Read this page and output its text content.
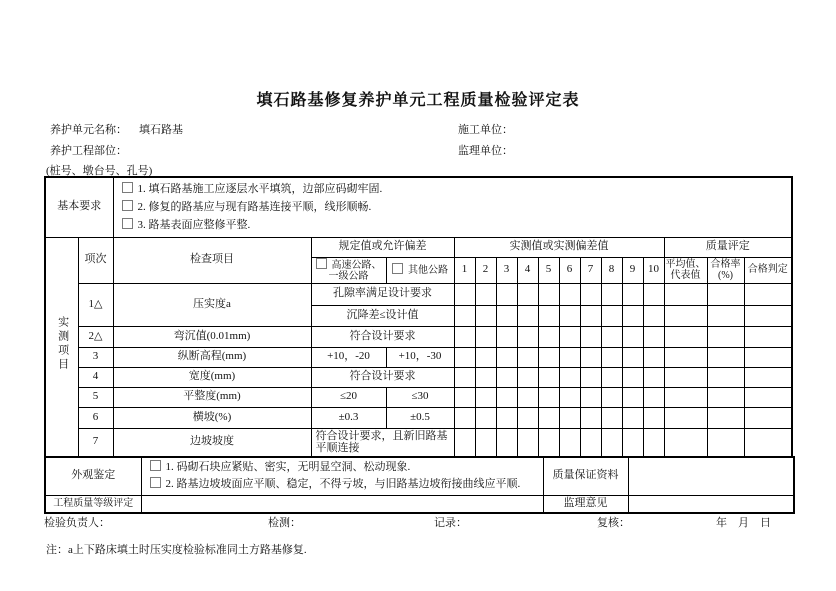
填石路基修复养护单元工程质量检验评定表
养护单元名称： 填石路基	施工单位：
养护工程部位：	监理单位：
(桩号、墩台号、孔号)
基本要求		1. 填石路基施工应逐层水平填筑，边部应码砌牢固.
2. 修复的路基应与现有路基连接平顺，线形顺畅.
3. 路基表面应整修平整.															

实测项目	项次	检查项目	规定值或允许偏差		实测值或实测偏差值										质量评定		
			高速公路、
一级公路	其他公路	1	2	3	4	5	6	7	8	9	10	平均值、
代表值	合格率
(%)	合格判定
	1△	压实度a	孔隙率满足设计要求														
			沉降差≤设计值														
	2△	弯沉值(0.01mm)	符合设计要求														
	3	纵断高程(mm)	+10，-20	+10，-30													
	4	宽度(mm)	符合设计要求														
	5	平整度(mm)	≤20	≤30													
	6	横坡(%)	±0.3	±0.5													
	7	边坡坡度	符合设计要求，且新旧路基平顺连接														
外观鉴定	1. 码砌石块应紧贴、密实，无明显空洞、松动现象.
2. 路基边坡坡面应平顺、稳定，不得亏坡，与旧路基边坡衔接曲线应平顺.	质量保证资料	
工程质量等级评定		监理意见	
检验负责人：	检测：	记录：	复核：	年　月　日
注：a上下路床填土时压实度检验标准同土方路基修复.
